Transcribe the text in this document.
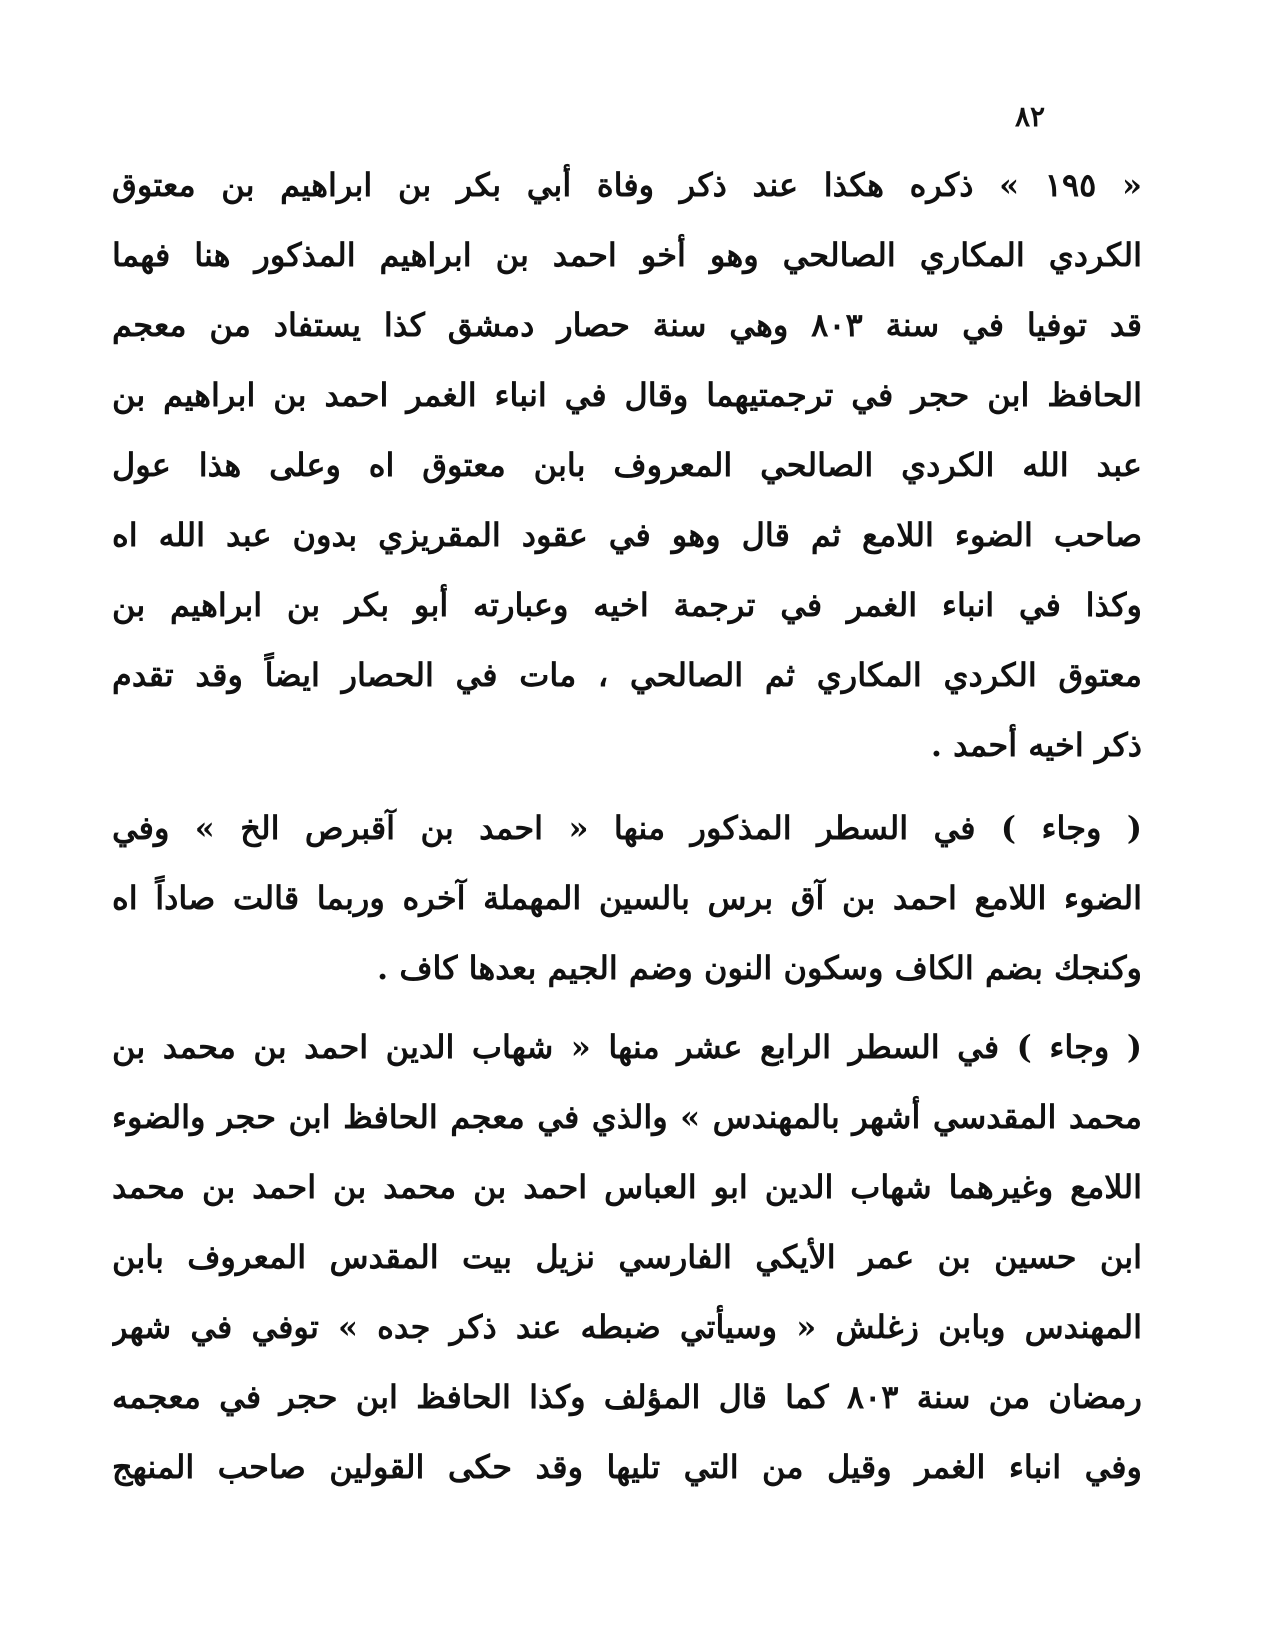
٨٢
« ١٩٥ » ذكره هكذا عند ذكر وفاة أبي بكر بن ابراهيم بن معتوق
الكردي المكاري الصالحي وهو أخو احمد بن ابراهيم المذكور هنا فهما
قد توفيا في سنة ٨٠٣ وهي سنة حصار دمشق كذا يستفاد من معجم
الحافظ ابن حجر في ترجمتيهما وقال في انباء الغمر احمد بن ابراهيم بن
عبد الله الكردي الصالحي المعروف بابن معتوق اه وعلى هذا عول
صاحب الضوء اللامع ثم قال وهو في عقود المقريزي بدون عبد الله اه
وكذا في انباء الغمر في ترجمة اخيه وعبارته أبو بكر بن ابراهيم بن
معتوق الكردي المكاري ثم الصالحي ، مات في الحصار ايضاً وقد تقدم
ذكر اخيه أحمد .
( وجاء ) في السطر المذكور منها « احمد بن آقبرص الخ » وفي
الضوء اللامع احمد بن آق برس بالسين المهملة آخره وربما قالت صاداً اه
وكنجك بضم الكاف وسكون النون وضم الجيم بعدها كاف .
( وجاء ) في السطر الرابع عشر منها « شهاب الدين احمد بن محمد بن
محمد المقدسي أشهر بالمهندس » والذي في معجم الحافظ ابن حجر والضوء
اللامع وغيرهما شهاب الدين ابو العباس احمد بن محمد بن احمد بن محمد
ابن حسين بن عمر الأيكي الفارسي نزيل بيت المقدس المعروف بابن
المهندس وبابن زغلش « وسيأتي ضبطه عند ذكر جده » توفي في شهر
رمضان من سنة ٨٠٣ كما قال المؤلف وكذا الحافظ ابن حجر في معجمه
وفي انباء الغمر وقيل من التي تليها وقد حكى القولين صاحب المنهج
